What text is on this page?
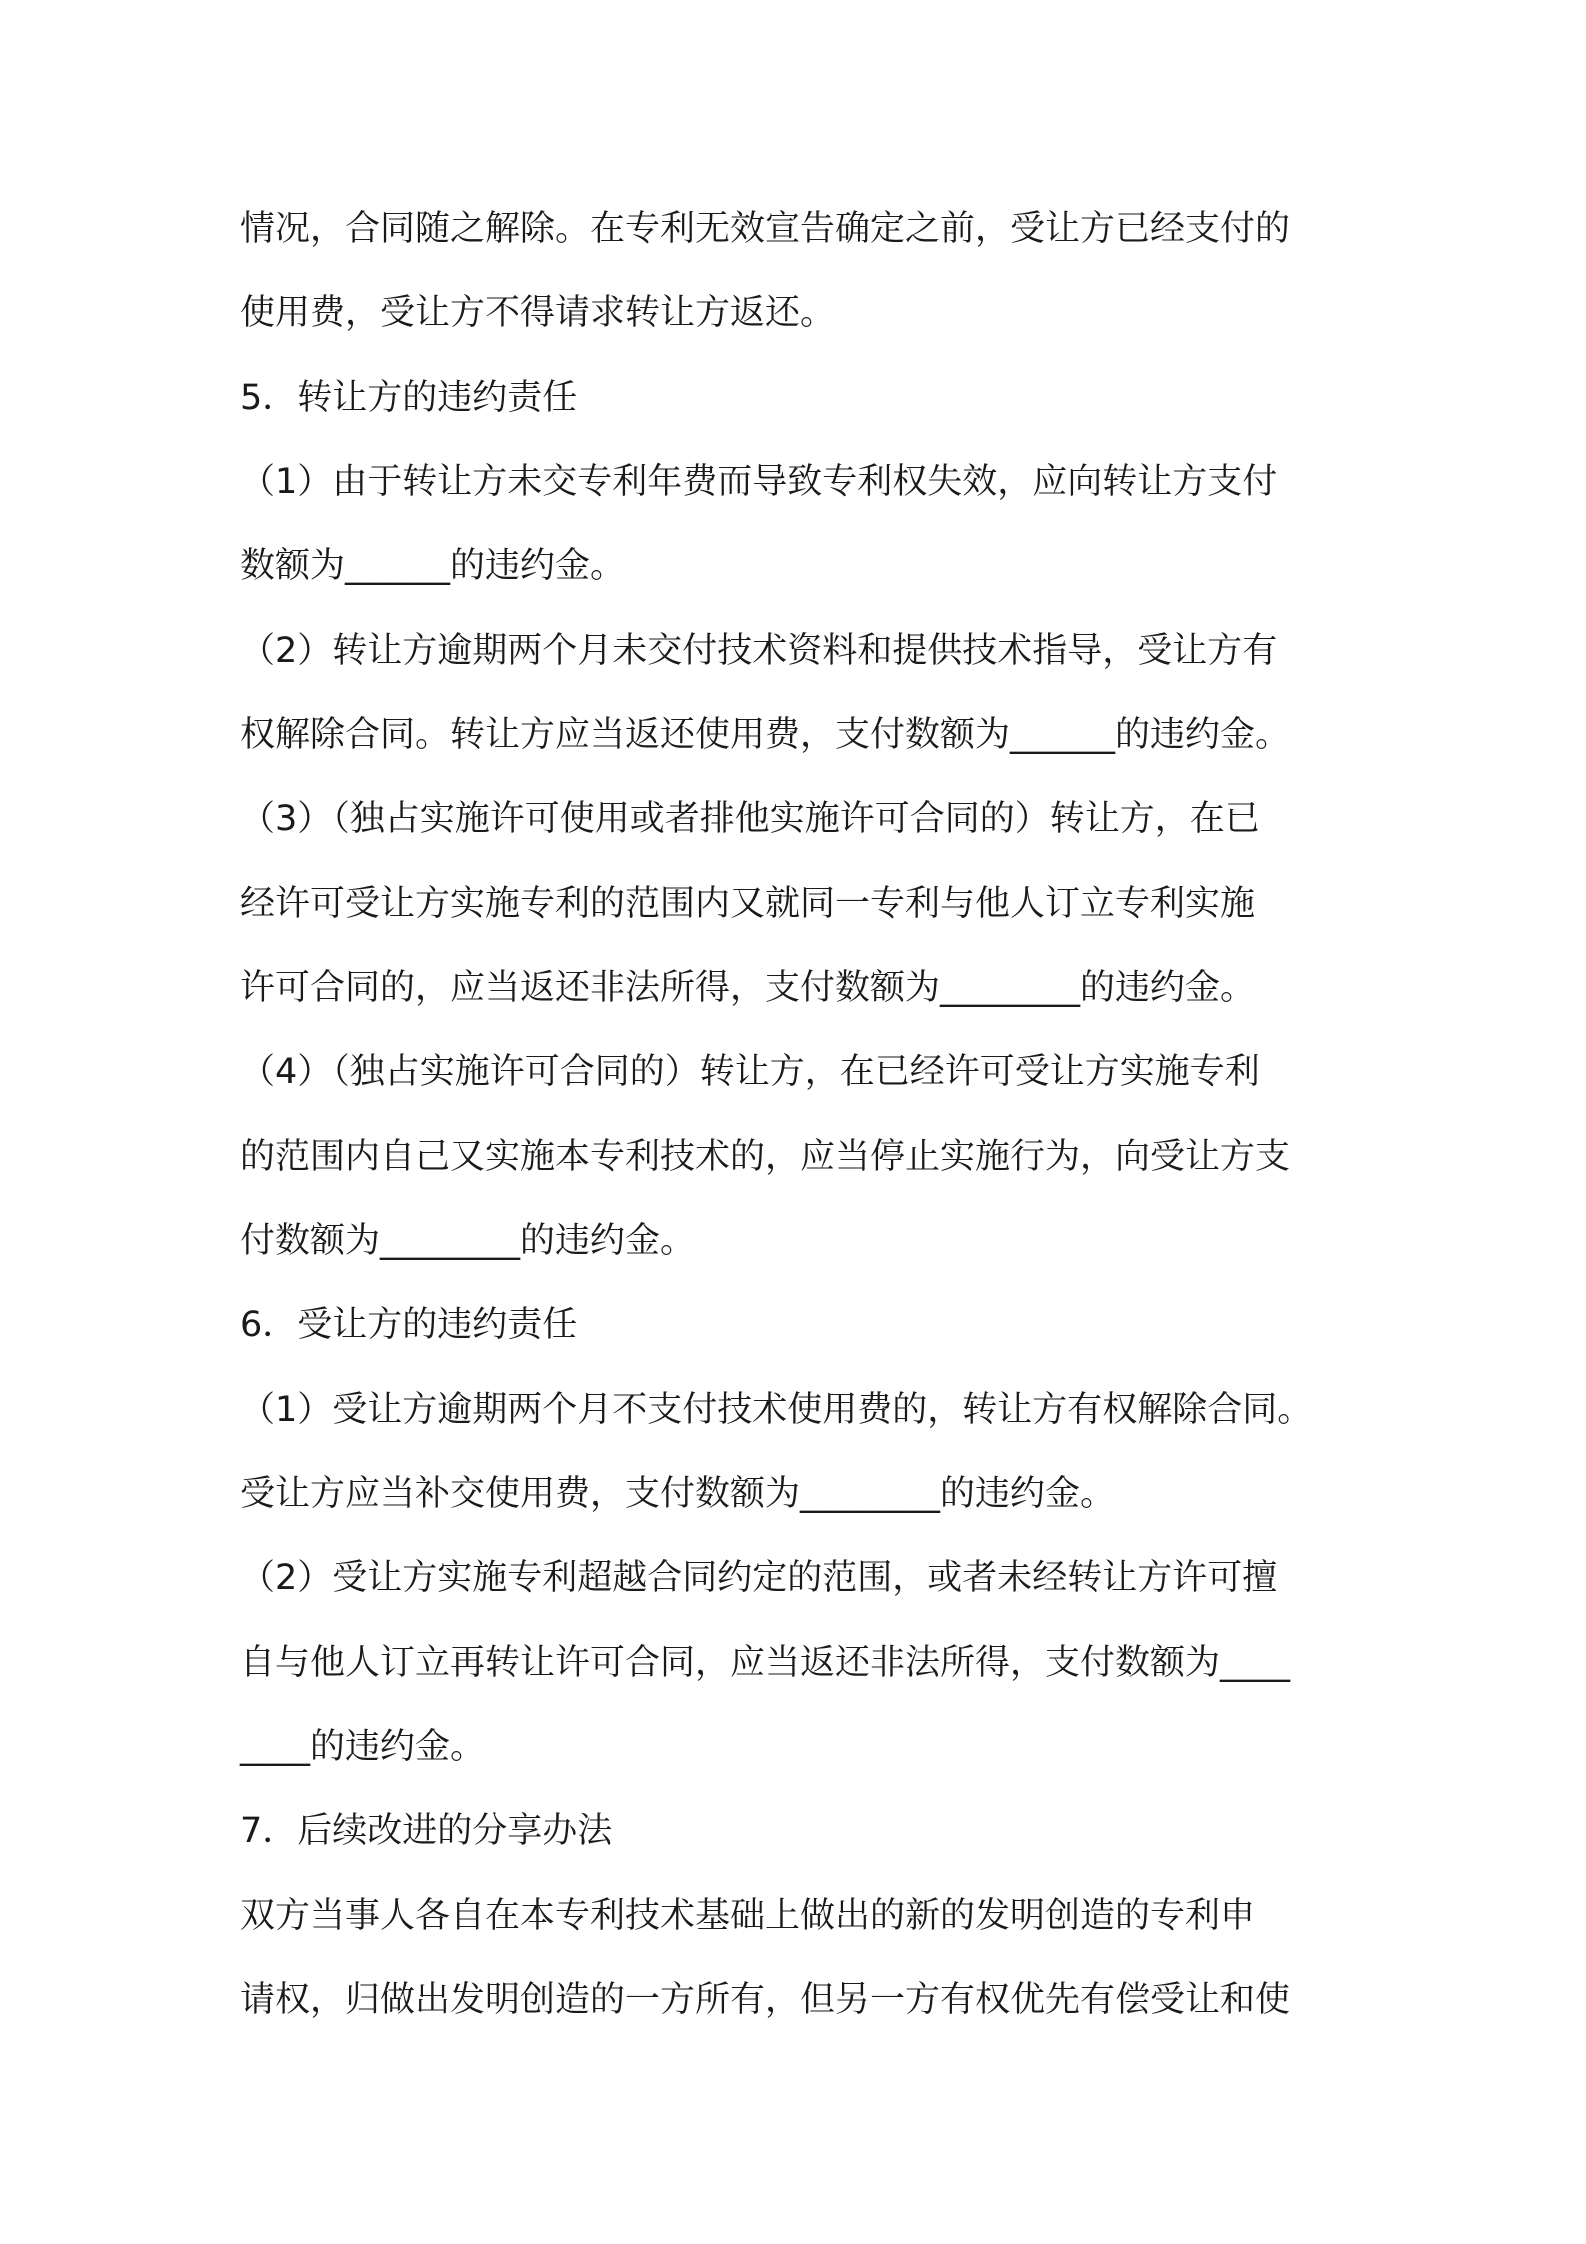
情况，合同随之解除。在专利无效宣告确定之前，受让方已经支付的
使用费，受让方不得请求转让方返还。
5．转让方的违约责任
（1）由于转让方未交专利年费而导致专利权失效，应向转让方支付
数额为______的违约金。
（2）转让方逾期两个月未交付技术资料和提供技术指导，受让方有
权解除合同。转让方应当返还使用费，支付数额为______的违约金。
（3）（独占实施许可使用或者排他实施许可合同的）转让方，在已
经许可受让方实施专利的范围内又就同一专利与他人订立专利实施
许可合同的，应当返还非法所得，支付数额为________的违约金。
（4）（独占实施许可合同的）转让方，在已经许可受让方实施专利
的范围内自己又实施本专利技术的，应当停止实施行为，向受让方支
付数额为________的违约金。
6．受让方的违约责任
（1）受让方逾期两个月不支付技术使用费的，转让方有权解除合同。
受让方应当补交使用费，支付数额为________的违约金。
（2）受让方实施专利超越合同约定的范围，或者未经转让方许可擅
自与他人订立再转让许可合同，应当返还非法所得，支付数额为____
____的违约金。
7．后续改进的分享办法
双方当事人各自在本专利技术基础上做出的新的发明创造的专利申
请权，归做出发明创造的一方所有，但另一方有权优先有偿受让和使
